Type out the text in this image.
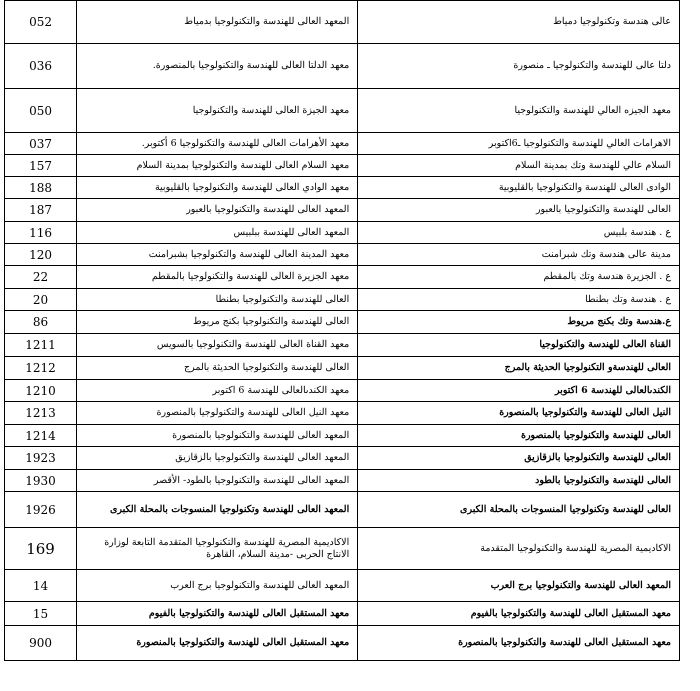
052	المعهد العالى للهندسة والتكنولوجيا بدمياط	عالى هندسة وتكنولوجيا دمياط
036	معهد الدلتا العالى للهندسة والتكنولوجيا بالمنصورة.	دلتا عالى للهندسة والتكنولوجيا ـ منصورة
050	معهد الجيزة العالى للهندسة والتكنولوجيا	معهد الجيزه العالي للهندسة والتكنولوجيا
037	معهد الأهرامات العالى للهندسة والتكنولوجيا 6 أكتوبر.	الاهرامات العالي للهندسة والتكنولوجيا ـ6اكتوبر
157	معهد السلام العالى للهندسة والتكنولوجيا بمدينة السلام	السلام عالي للهندسة وتك بمدينة السلام
188	معهد الوادي العالى للهندسة والتكنولوجيا بالقليوبية	الوادى العالى للهندسة والتكنولوجيا بالقليوبية
187	المعهد العالى للهندسة والتكنولوجيا بالعبور	العالى للهندسة والتكنولوجيا بالعبور
116	المعهد العالى للهندسة ببلبيس	ع . هندسة بلبيس
120	معهد المدينة العالى للهندسة والتكنولوجيا بشبرامنت	مدينة عالى هندسة وتك شبرامنت
22	معهد الجزيرة العالى للهندسة والتكنولوجيا بالمقطم	ع . الجزيرة هندسة وتك بالمقطم
20	العالى للهندسة والتكنولوجيا بطنطا	ع . هندسة وتك بطنطا
86	العالى للهندسة والتكنولوجيا بكنج مريوط	ع.هندسة وتك بكنج مريوط
1211	معهد القناة العالى للهندسة والتكنولوجيا بالسويس	القناة العالى للهندسة والتكنولوجيا
1212	العالى للهندسة والتكنولوجيا الحديثة بالمرج	العالى للهندسةو التكنولوجيا الحديثة بالمرج
1210	معهد الكندىالعالى للهندسة 6 اكتوبر	الكندىالعالى للهندسة 6 اكتوبر
1213	معهد النيل العالى للهندسة والتكنولوجيا بالمنصورة	النيل العالى للهندسة والتكنولوجيا بالمنصورة
1214	المعهد العالى للهندسة والتكنولوجيا بالمنصورة	العالى للهندسة والتكنولوجيا بالمنصورة
1923	المعهد العالى للهندسة والتكنولوجيا بالزقازيق	العالى للهندسة والتكنولوجيا بالزقازيق
1930	المعهد العالى للهندسة والتكنولوجيا بالطود- الأقصر	العالى للهندسة والتكنولوجيا بالطود
1926	المعهد العالى للهندسة وتكنولوجيا المنسوجات بالمحلة الكبرى	العالى للهندسة وتكنولوجيا المنسوجات بالمحلة الكبرى
169	الاكاديمية المصرية للهندسة والتكنولوجيا المتقدمة التابعة لوزارة الانتاج الحربى -مدينة السلام، القاهرة	الاكاديمية المصرية للهندسة والتكنولوجيا المتقدمة
14	المعهد العالى للهندسة والتكنولوجيا برج العرب	المعهد العالى للهندسة والتكنولوجيا برج العرب
15	معهد المستقبل العالى للهندسة والتكنولوجيا بالفيوم	معهد المستقبل العالى للهندسة والتكنولوجيا بالفيوم
900	معهد المستقبل العالى للهندسة والتكنولوجيا بالمنصورة	معهد المستقبل العالى للهندسة والتكنولوجيا بالمنصورة
